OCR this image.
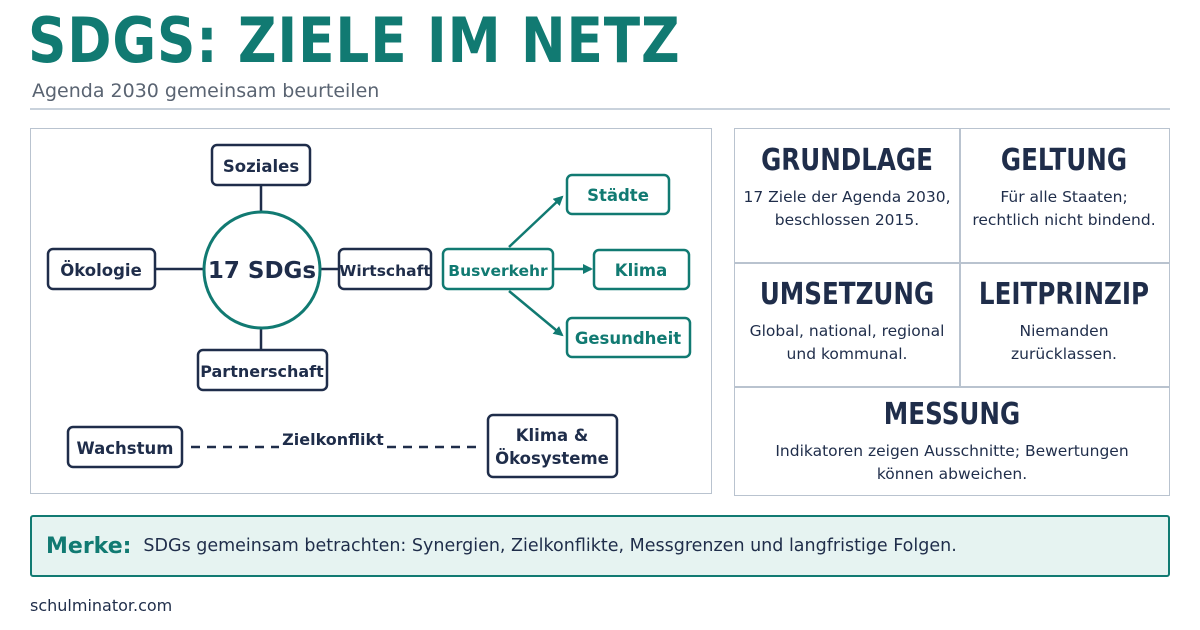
SDGS: ZIELE IM NETZ
Agenda 2030 gemeinsam beurteilen
17 SDGs
Soziales
Wirtschaft
Partnerschaft
Ökologie	Busverkehr
Städte
Klima
Gesundheit
Wachstum	Zielkonflikt	Klima &
Ökosysteme
GRUNDLAGE

17 Ziele der Agenda 2030, beschlossen 2015.

GELTUNG

Für alle Staaten; rechtlich nicht bindend.

UMSETZUNG

Global, national, regional und kommunal.

LEITPRINZIP

Niemanden zurücklassen.

MESSUNG

Indikatoren zeigen Ausschnitte; Bewertungen können abweichen.

Merke: SDGs gemeinsam betrachten: Synergien, Zielkonflikte, Messgrenzen und langfristige Folgen.
schulminator.com
